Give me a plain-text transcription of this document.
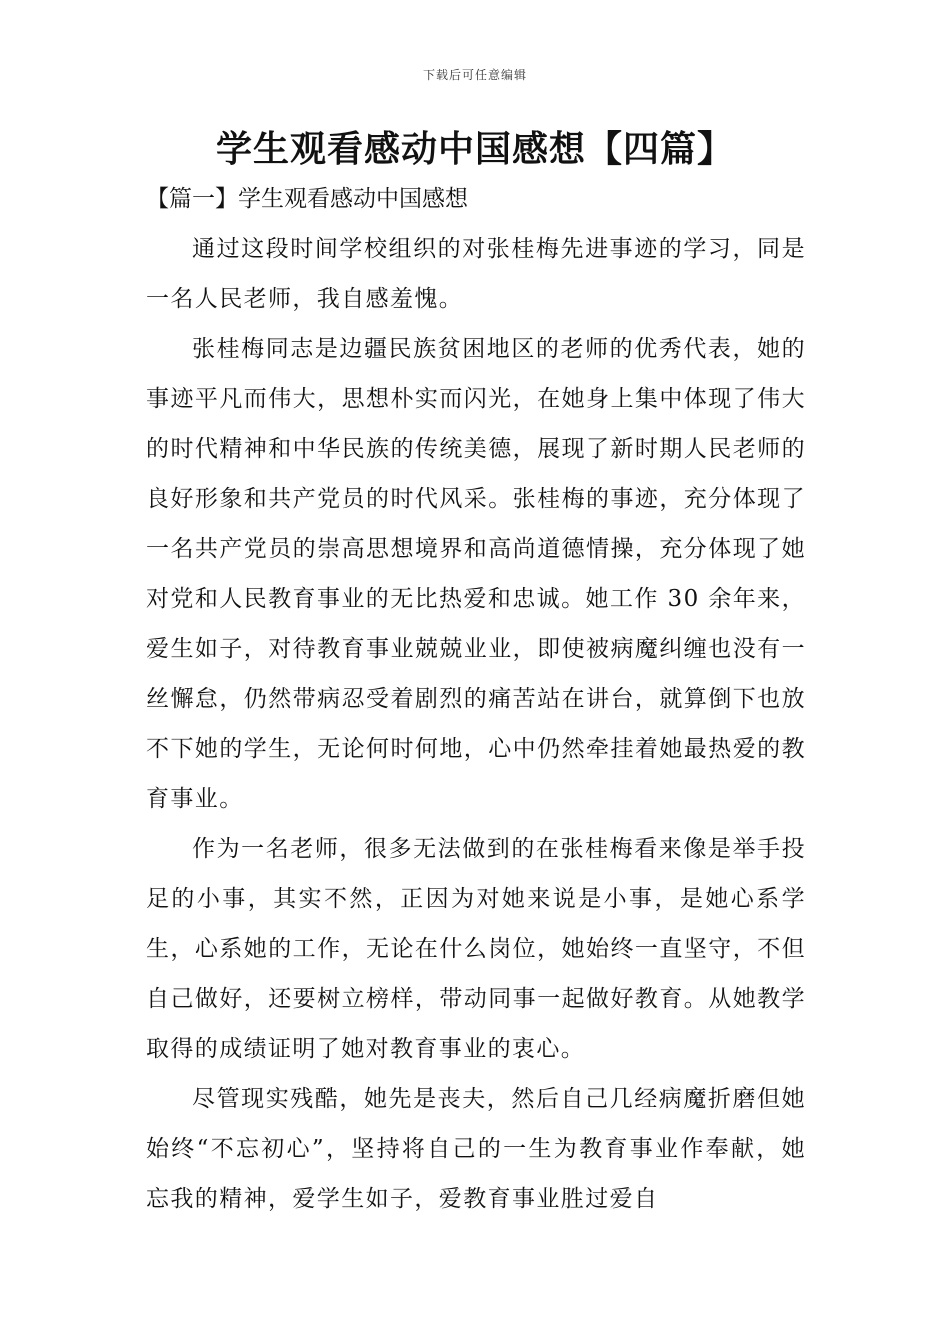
下载后可任意编辑
学生观看感动中国感想【四篇】
【篇一】学生观看感动中国感想

通过这段时间学校组织的对张桂梅先进事迹的学习，同是一名人民老师，我自感羞愧。

张桂梅同志是边疆民族贫困地区的老师的优秀代表，她的事迹平凡而伟大，思想朴实而闪光，在她身上集中体现了伟大的时代精神和中华民族的传统美德，展现了新时期人民老师的良好形象和共产党员的时代风采。张桂梅的事迹，充分体现了一名共产党员的崇高思想境界和高尚道德情操，充分体现了她对党和人民教育事业的无比热爱和忠诚。她工作 30 余年来，爱生如子，对待教育事业兢兢业业，即使被病魔纠缠也没有一丝懈怠，仍然带病忍受着剧烈的痛苦站在讲台，就算倒下也放不下她的学生，无论何时何地，心中仍然牵挂着她最热爱的教育事业。

作为一名老师，很多无法做到的在张桂梅看来像是举手投足的小事，其实不然，正因为对她来说是小事，是她心系学生，心系她的工作，无论在什么岗位，她始终一直坚守，不但自己做好，还要树立榜样，带动同事一起做好教育。从她教学取得的成绩证明了她对教育事业的衷心。

尽管现实残酷，她先是丧夫，然后自己几经病魔折磨但她始终“不忘初心”，坚持将自己的一生为教育事业作奉献，她忘我的精神，爱学生如子，爱教育事业胜过爱自
